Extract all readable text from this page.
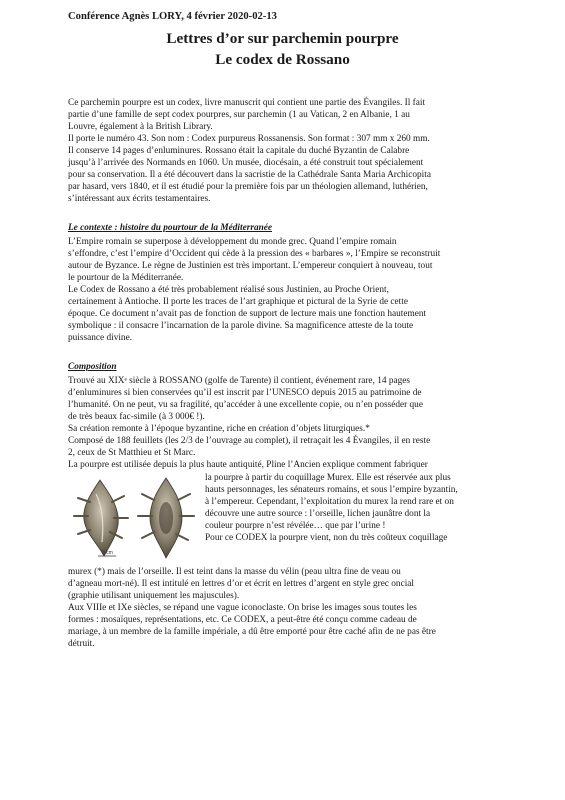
Conférence Agnès LORY, 4 février 2020-02-13
Lettres d’or sur parchemin pourpre
Le codex de Rossano
Ce parchemin pourpre est un codex, livre manuscrit qui contient une partie des Évangiles. Il fait
partie d’une famille de sept codex pourpres, sur parchemin (1 au Vatican, 2 en Albanie, 1 au
Louvre, également à la British Library.
Il porte le numéro 43. Son nom : Codex purpureus Rossanensis. Son format : 307 mm x 260 mm.
Il conserve 14 pages d’enluminures. Rossano était la capitale du duché Byzantin de Calabre
jusqu’à l’arrivée des Normands en 1060. Un musée, diocésain, a été construit tout spécialement
pour sa conservation. Il a été découvert dans la sacristie de la Cathédrale Santa Maria Archicopita
par hasard, vers 1840, et il est étudié pour la première fois par un théologien allemand, luthérien,
s’intéressant aux écrits testamentaires.
Le contexte : histoire du pourtour de la Méditerranée
L’Empire romain se superpose à développement du monde grec. Quand l’empire romain
s’effondre, c’est l’empire d’Occident qui cède à la pression des « barbares », l’Empire se reconstruit
autour de Byzance. Le règne de Justinien est très important. L’empereur conquiert à nouveau, tout
le pourtour de la Méditerranée.
Le Codex de Rossano a été très probablement réalisé sous Justinien, au Proche Orient,
certainement à Antioche. Il porte les traces de l’art graphique et pictural de la Syrie de cette
époque. Ce document n’avait pas de fonction de support de lecture mais une fonction hautement
symbolique : il consacre l’incarnation de la parole divine. Sa magnificence atteste de la toute
puissance divine.
Composition
Trouvé au XIXᵉ siècle à ROSSANO (golfe de Tarente) il contient, événement rare, 14 pages
d’enluminures si bien conservées qu’il est inscrit par l’UNESCO depuis 2015 au patrimoine de
l’humanité. On ne peut, vu sa fragilité, qu’accéder à une excellente copie, ou n’en posséder que
de très beaux fac-simile (à 3 000€ !).
Sa création remonte à l’époque byzantine, riche en création d’objets liturgiques.*
Composé de 188 feuillets (les 2/3 de l’ouvrage au complet), il retraçait les 4 Évangiles, il en reste
2, ceux de St Matthieu et St Marc.
La pourpre est utilisée depuis la plus haute antiquité, Pline l’Ancien explique comment fabriquer
la pourpre à partir du coquillage Murex. Elle est réservée aux plus
hauts personnages, les sénateurs romains, et sous l’empire byzantin,
à l’empereur. Cependant, l’exploitation du murex la rend rare et on
découvre une autre source : l’orseille, lichen jaunâtre dont la
couleur pourpre n’est révélée… que par l’urine !
Pour ce CODEX la pourpre vient, non du très coûteux coquillage
3 cm
murex (*) mais de l’orseille. Il est teint dans la masse du vélin (peau ultra fine de veau ou
d’agneau mort-né). Il est intitulé en lettres d’or et écrit en lettres d’argent en style grec oncial
(graphie utilisant uniquement les majuscules).
Aux VIIIe et IXe siècles, se répand une vague iconoclaste. On brise les images sous toutes les
formes : mosaïques, représentations, etc. Ce CODEX, a peut-être été conçu comme cadeau de
mariage, à un membre de la famille impériale, a dû être emporté pour être caché afin de ne pas être
détruit.
